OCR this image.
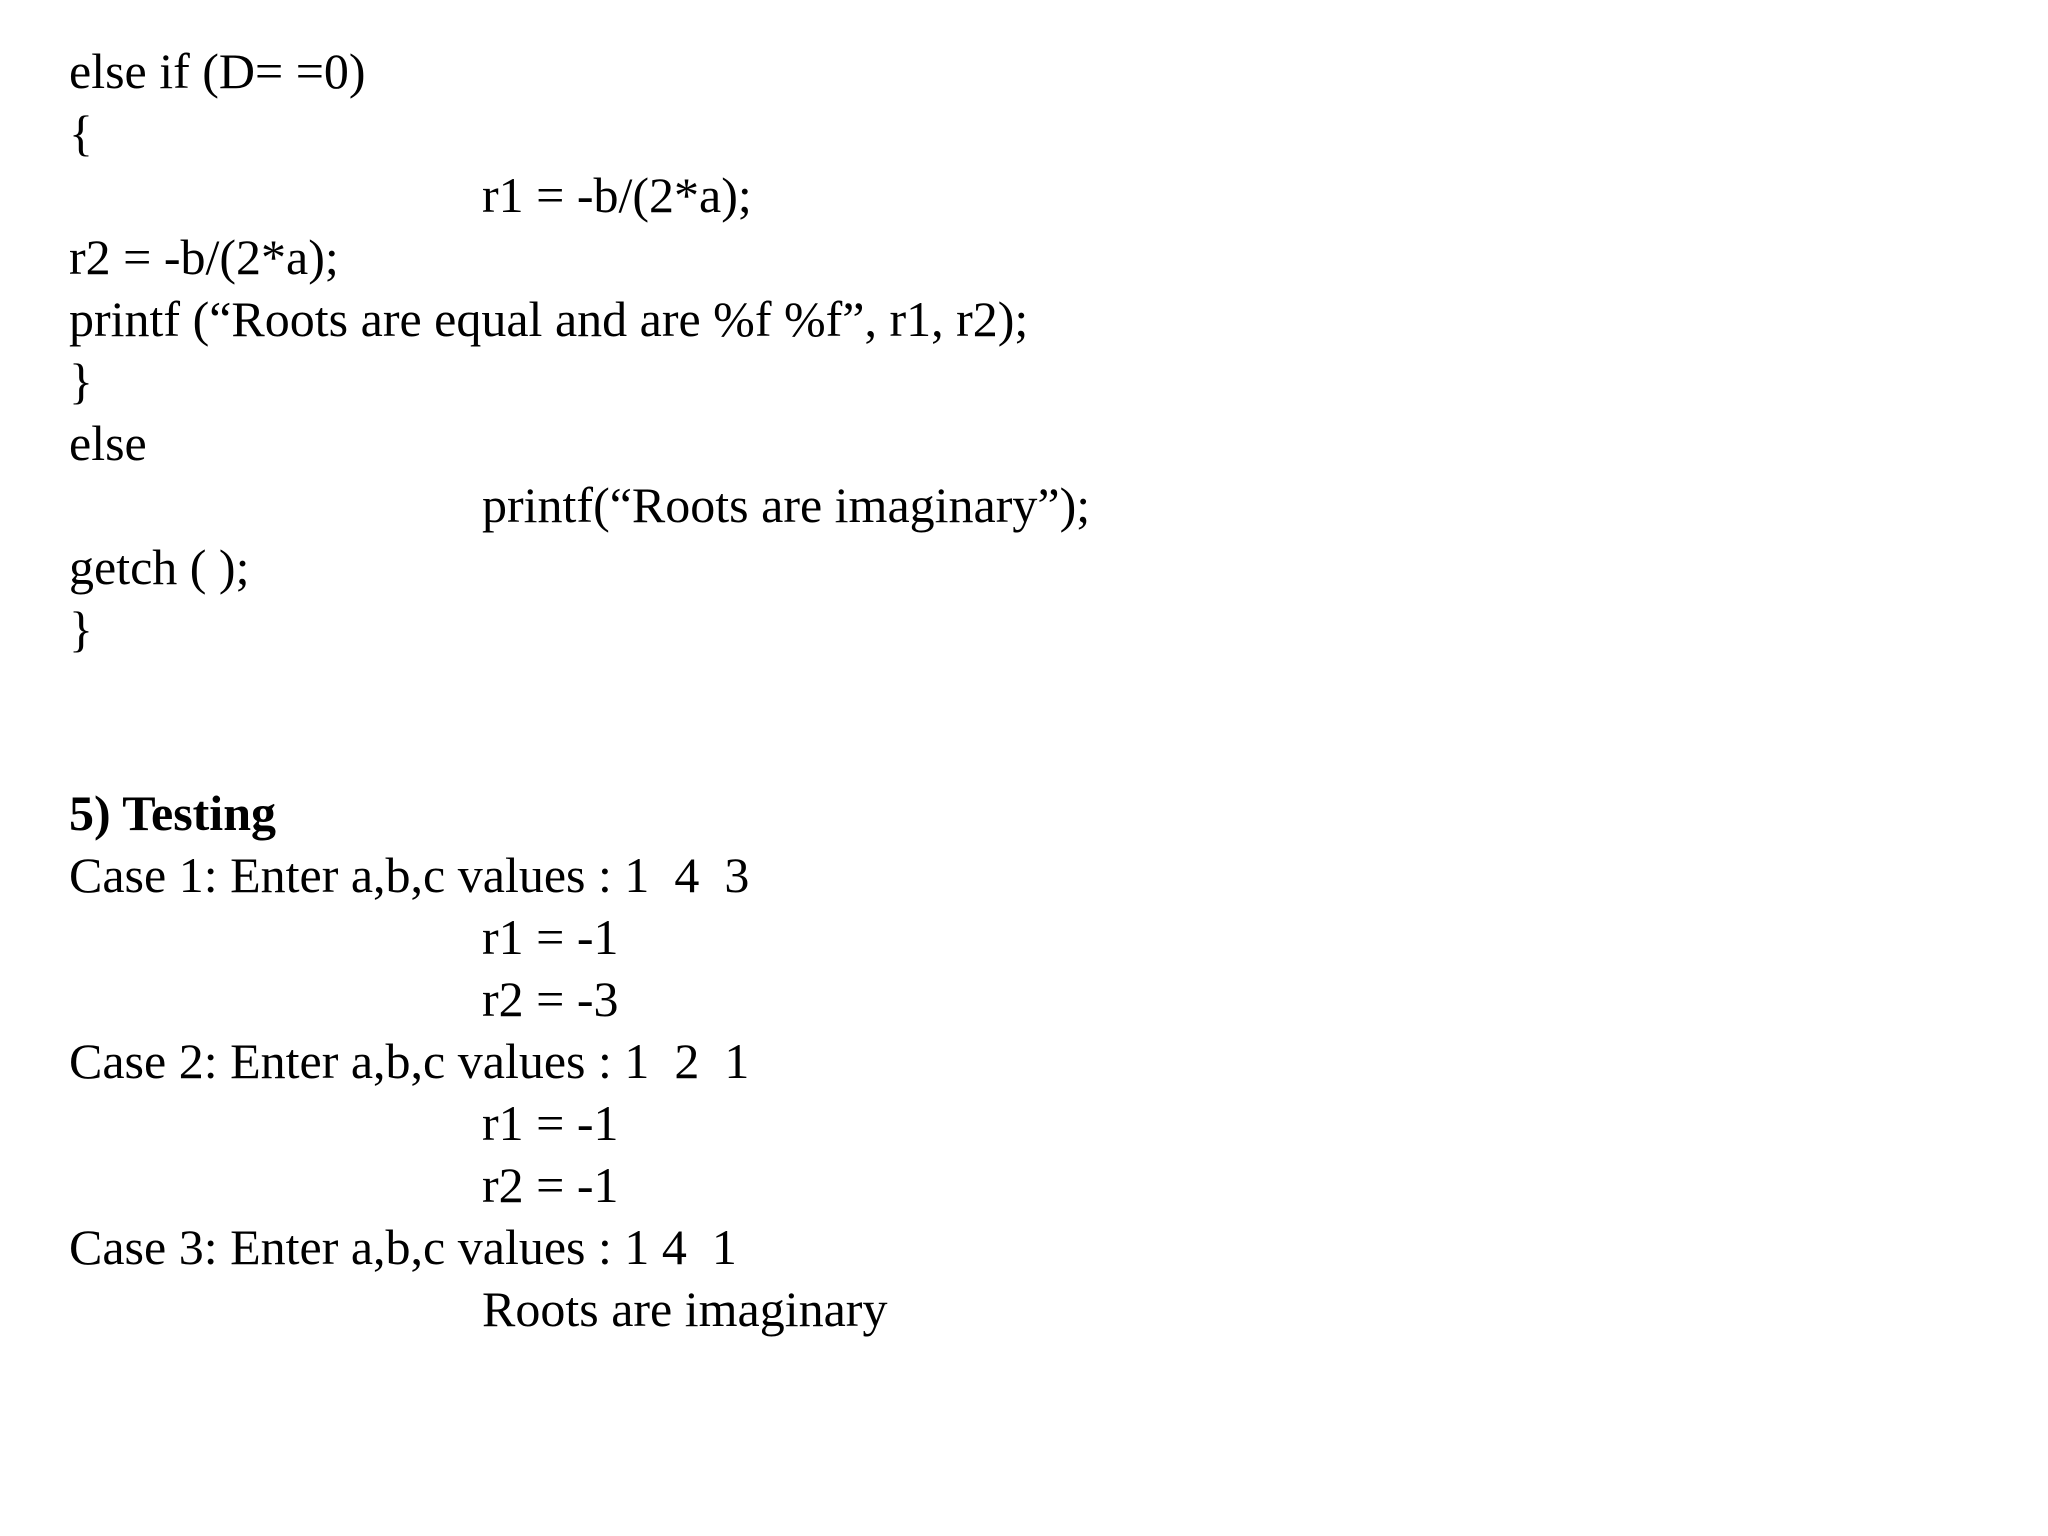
else if (D= =0)
{
r1 = -b/(2*a);
r2 = -b/(2*a);
printf (“Roots are equal and are %f %f”, r1, r2);
}
else
printf(“Roots are imaginary”);
getch ( );
}
5) Testing
Case 1: Enter a,b,c values : 1  4  3
r1 = -1
r2 = -3
Case 2: Enter a,b,c values : 1  2  1
r1 = -1
r2 = -1
Case 3: Enter a,b,c values : 1 4  1
Roots are imaginary
